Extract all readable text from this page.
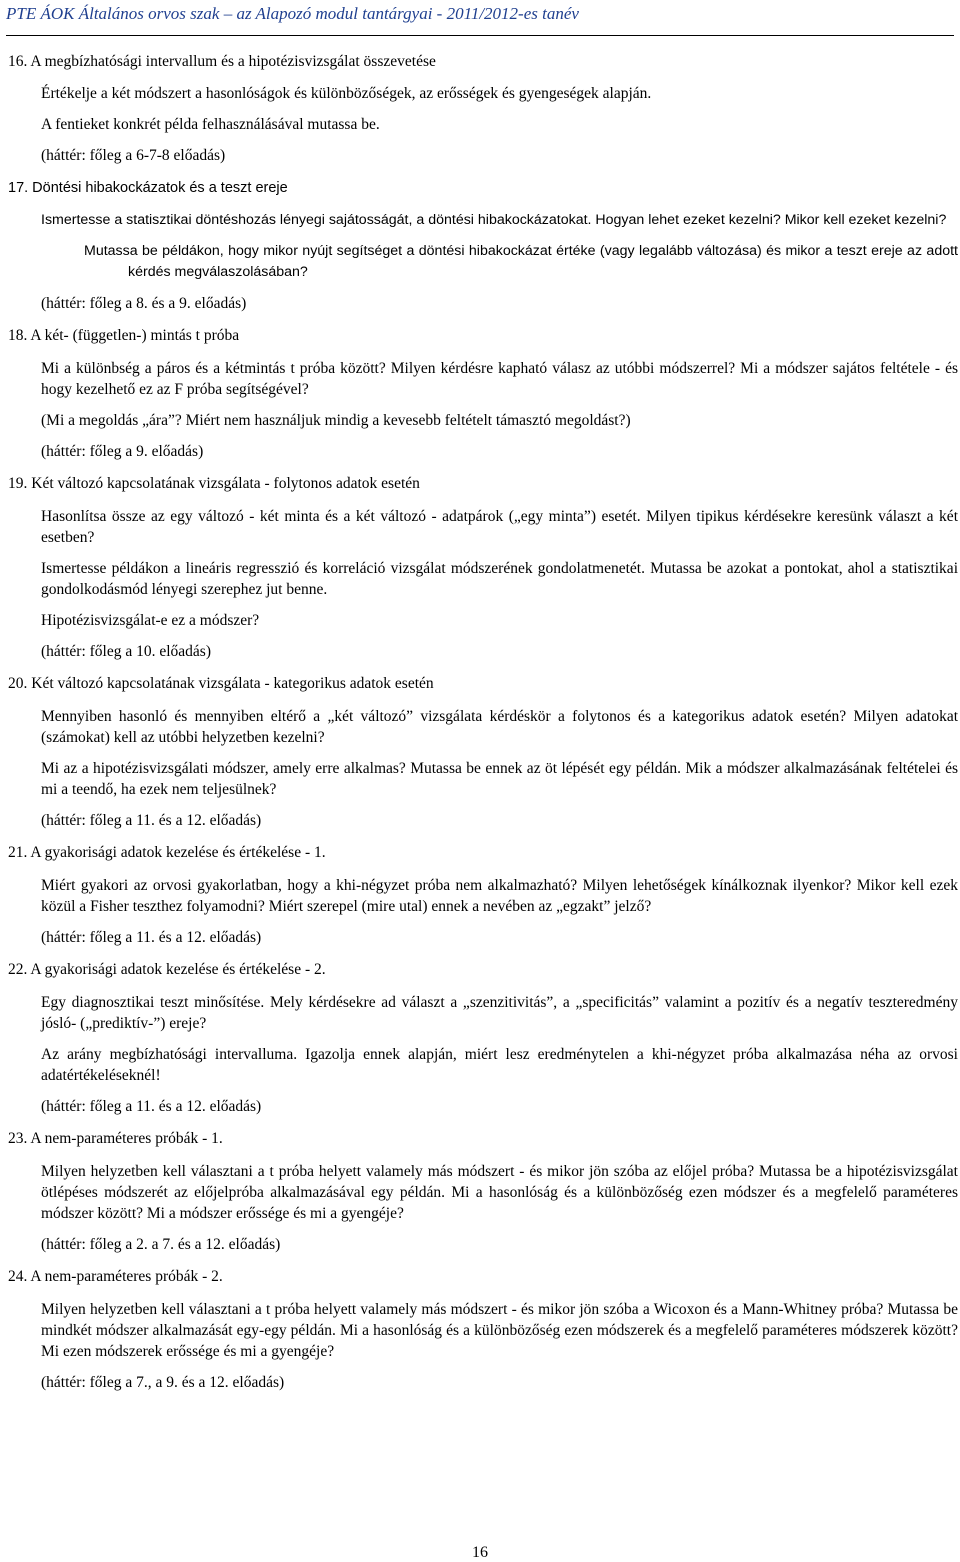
PTE ÁOK Általános orvos szak – az Alapozó modul tantárgyai - 2011/2012-es tanév
16. A megbízhatósági intervallum és a hipotézisvizsgálat összevetése
Értékelje a két módszert a hasonlóságok és különbözőségek, az erősségek és gyengeségek alapján.
A fentieket konkrét példa felhasználásával mutassa be.
(háttér: főleg a 6-7-8 előadás)
17. Döntési hibakockázatok és a teszt ereje
Ismertesse a statisztikai döntéshozás lényegi sajátosságát, a döntési hibakockázatokat. Hogyan lehet ezeket kezelni? Mikor kell ezeket kezelni?
Mutassa be példákon, hogy mikor nyújt segítséget a döntési hibakockázat értéke (vagy legalább változása) és mikor a teszt ereje az adott kérdés megválaszolásában?
(háttér: főleg a 8. és a 9. előadás)
18. A két- (független-) mintás t próba
Mi a különbség a páros és a kétmintás t próba között? Milyen kérdésre kapható válasz az utóbbi módszerrel? Mi a módszer sajátos feltétele - és hogy kezelhető ez az F próba segítségével?
(Mi a megoldás „ára”? Miért nem használjuk mindig a kevesebb feltételt támasztó megoldást?)
(háttér: főleg a 9. előadás)
19. Két változó kapcsolatának vizsgálata - folytonos adatok esetén
Hasonlítsa össze az egy változó - két minta és a két változó - adatpárok („egy minta”) esetét. Milyen tipikus kérdésekre keresünk választ a két esetben?
Ismertesse példákon a lineáris regresszió és korreláció vizsgálat módszerének gondolatmenetét. Mutassa be azokat a pontokat, ahol a statisztikai gondolkodásmód lényegi szerephez jut benne.
Hipotézisvizsgálat-e ez a módszer?
(háttér: főleg a 10. előadás)
20. Két változó kapcsolatának vizsgálata - kategorikus adatok esetén
Mennyiben hasonló és mennyiben eltérő a „két változó” vizsgálata kérdéskör a folytonos és a kategorikus adatok esetén? Milyen adatokat (számokat) kell az utóbbi helyzetben kezelni?
Mi az a hipotézisvizsgálati módszer, amely erre alkalmas? Mutassa be ennek az öt lépését egy példán. Mik a módszer alkalmazásának feltételei és mi a teendő, ha ezek nem teljesülnek?
(háttér: főleg a 11. és a 12. előadás)
21. A gyakorisági adatok kezelése és értékelése - 1.
Miért gyakori az orvosi gyakorlatban, hogy a khi-négyzet próba nem alkalmazható? Milyen lehetőségek kínálkoznak ilyenkor? Mikor kell ezek közül a Fisher teszthez folyamodni? Miért szerepel (mire utal) ennek a nevében az „egzakt” jelző?
(háttér: főleg a 11. és a 12. előadás)
22. A gyakorisági adatok kezelése és értékelése - 2.
Egy diagnosztikai teszt minősítése. Mely kérdésekre ad választ a „szenzitivitás”, a „specificitás” valamint a pozitív és a negatív teszteredmény jósló- („prediktív-”) ereje?
Az arány megbízhatósági intervalluma. Igazolja ennek alapján, miért lesz eredménytelen a khi-négyzet próba alkalmazása néha az orvosi adatértékeléseknél!
(háttér: főleg a 11. és a 12. előadás)
23. A nem-paraméteres próbák - 1.
Milyen helyzetben kell választani a t próba helyett valamely más módszert - és mikor jön szóba az előjel próba? Mutassa be a hipotézisvizsgálat ötlépéses módszerét az előjelpróba alkalmazásával egy példán. Mi a hasonlóság és a különbözőség ezen módszer és a megfelelő paraméteres módszer között? Mi a módszer erőssége és mi a gyengéje?
(háttér: főleg a 2. a 7. és a 12. előadás)
24. A nem-paraméteres próbák - 2.
Milyen helyzetben kell választani a t próba helyett valamely más módszert - és mikor jön szóba a Wicoxon és a Mann-Whitney próba? Mutassa be mindkét módszer alkalmazását egy-egy példán. Mi a hasonlóság és a különbözőség ezen módszerek és a megfelelő paraméteres módszerek között? Mi ezen módszerek erőssége és mi a gyengéje?
(háttér: főleg a 7., a 9. és a 12. előadás)
16
